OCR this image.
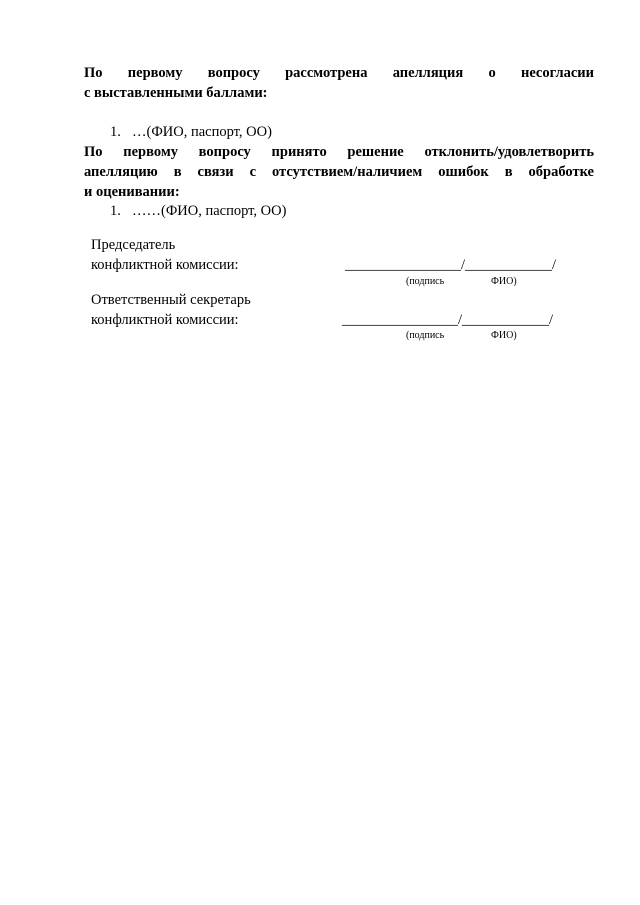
По первому вопросу рассмотрена апелляция о несогласии
с выставленными баллами:
1. …(ФИО, паспорт, ОО)
По первому вопросу принято решение отклонить/удовлетворить
апелляцию в связи с отсутствием/наличием ошибок в обработке
и оценивании:
1. ……(ФИО, паспорт, ОО)
Председатель
конфликтной комиссии:	________________/____________/
(подпись	ФИО)
Ответственный секретарь
конфликтной комиссии:	________________/____________/
(подпись	ФИО)
